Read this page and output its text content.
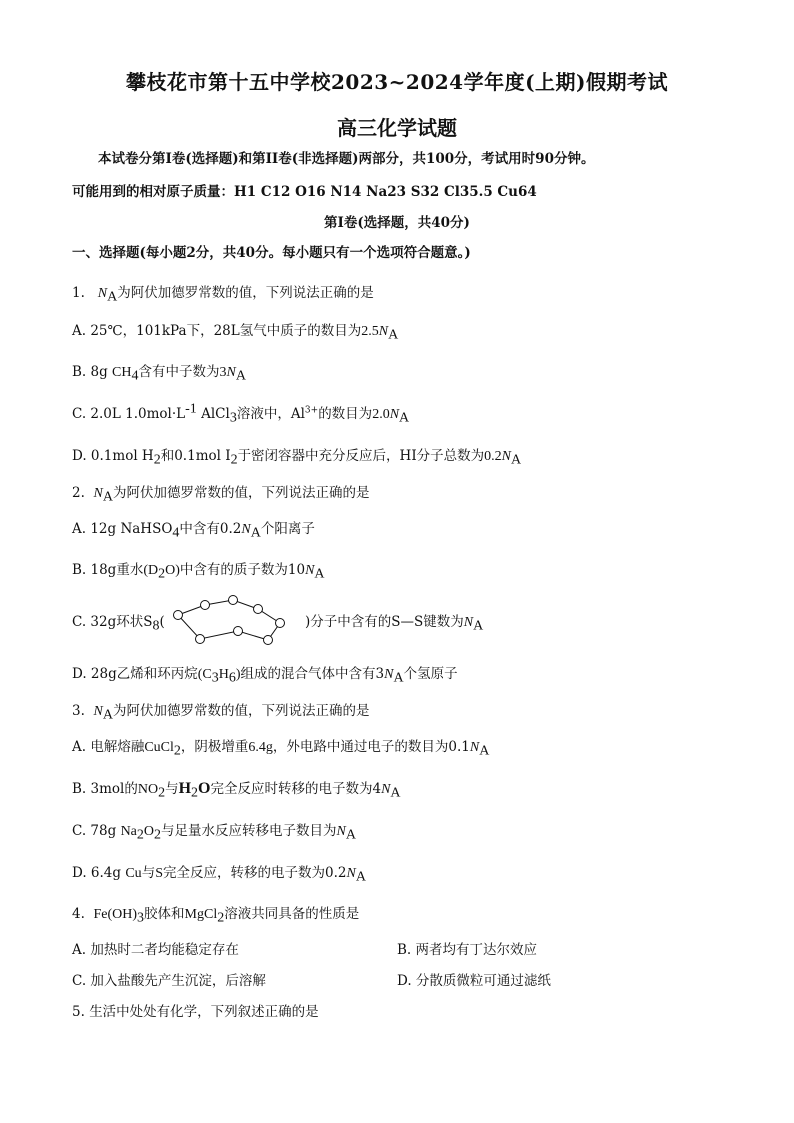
攀枝花市第十五中学校2023~2024学年度(上期)假期考试
高三化学试题
本试卷分第I卷(选择题)和第II卷(非选择题)两部分，共100分，考试用时90分钟。
可能用到的相对原子质量：H1 C12 O16 N14 Na23 S32 Cl35.5 Cu64
第I卷(选择题，共40分)
一、选择题(每小题2分，共40分。每小题只有一个选项符合题意。)
1. $N_A$为阿伏加德罗常数的值，下列说法正确的是
A. 25℃，101kPa下，28L氢气中质子的数目为$2.5N_A$
B. 8g $CH_4$含有中子数为$3N_A$
C. 2.0L $1.0mol\cdot L^{-1}$ AlCl$_3$溶液中，$Al^{3+}$的数目为$2.0N_A$
D. 0.1mol $H_2$和0.1mol $I_2$于密闭容器中充分反应后，HI分子总数为$0.2N_A$
2. $N_A$为阿伏加德罗常数的值，下列说法正确的是
A. 12g NaHSO$_4$中含有$0.2N_A$个阳离子
B. 18g重水$(D_2O)$中含有的质子数为$10N_A$
C. 32g环状$S_8$(	)分子中含有的S—S键数为$N_A$
D. 28g乙烯和环丙烷$(C_3H_6)$组成的混合气体中含有$3N_A$个氢原子
3. $N_A$为阿伏加德罗常数的值，下列说法正确的是
A. 电解熔融CuCl$_2$，阴极增重6.4g，外电路中通过电子的数目为$0.1N_A$
B. 3mol的$NO_2$与$H_2O$完全反应时转移的电子数为$4N_A$
C. 78g $Na_2O_2$与足量水反应转移电子数目为$N_A$
D. 6.4g Cu与S完全反应，转移的电子数为$0.2N_A$
4. $Fe(OH)_3$胶体和MgCl$_2$溶液共同具备的性质是
A. 加热时二者均能稳定存在	B. 两者均有丁达尔效应
C. 加入盐酸先产生沉淀，后溶解	D. 分散质微粒可通过滤纸
5. 生活中处处有化学，下列叙述正确的是
